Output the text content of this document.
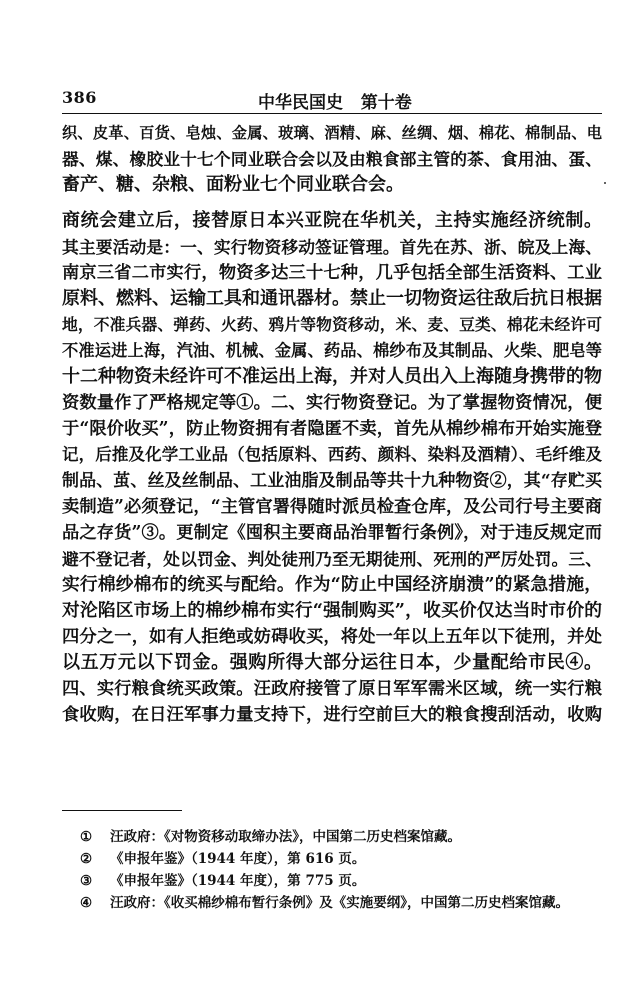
386	中华民国史   第十卷
织、皮革、百货、皂烛、金属、玻璃、酒精、麻、丝绸、烟、棉花、棉制品、电
器、煤、橡胶业十七个同业联合会以及由粮食部主管的茶、食用油、蛋、
畜产、糖、杂粮、面粉业七个同业联合会。
商统会建立后，接替原日本兴亚院在华机关，主持实施经济统制。
其主要活动是：一、实行物资移动签证管理。首先在苏、浙、皖及上海、
南京三省二市实行，物资多达三十七种，几乎包括全部生活资料、工业
原料、燃料、运输工具和通讯器材。禁止一切物资运往敌后抗日根据
地，不准兵器、弹药、火药、鸦片等物资移动，米、麦、豆类、棉花未经许可
不准运进上海，汽油、机械、金属、药品、棉纱布及其制品、火柴、肥皂等
十二种物资未经许可不准运出上海，并对人员出入上海随身携带的物
资数量作了严格规定等①。二、实行物资登记。为了掌握物资情况，便
于“限价收买”，防止物资拥有者隐匿不卖，首先从棉纱棉布开始实施登
记，后推及化学工业品（包括原料、西药、颜料、染料及酒精）、毛纤维及
制品、茧、丝及丝制品、工业油脂及制品等共十九种物资②，其“存贮买
卖制造”必须登记，“主管官署得随时派员检查仓库，及公司行号主要商
品之存货”③。更制定《囤积主要商品治罪暂行条例》，对于违反规定而
避不登记者，处以罚金、判处徒刑乃至无期徒刑、死刑的严厉处罚。三、
实行棉纱棉布的统买与配给。作为“防止中国经济崩溃”的紧急措施，
对沦陷区市场上的棉纱棉布实行“强制购买”，收买价仅达当时市价的
四分之一，如有人拒绝或妨碍收买，将处一年以上五年以下徒刑，并处
以五万元以下罚金。强购所得大部分运往日本，少量配给市民④。
四、实行粮食统买政策。汪政府接管了原日军军需米区域，统一实行粮
食收购，在日汪军事力量支持下，进行空前巨大的粮食搜刮活动，收购
①	汪政府：《对物资移动取缔办法》，中国第二历史档案馆藏。
②	《申报年鉴》（1944 年度），第 616 页。
③	《申报年鉴》（1944 年度），第 775 页。
④	汪政府：《收买棉纱棉布暂行条例》及《实施要纲》，中国第二历史档案馆藏。
